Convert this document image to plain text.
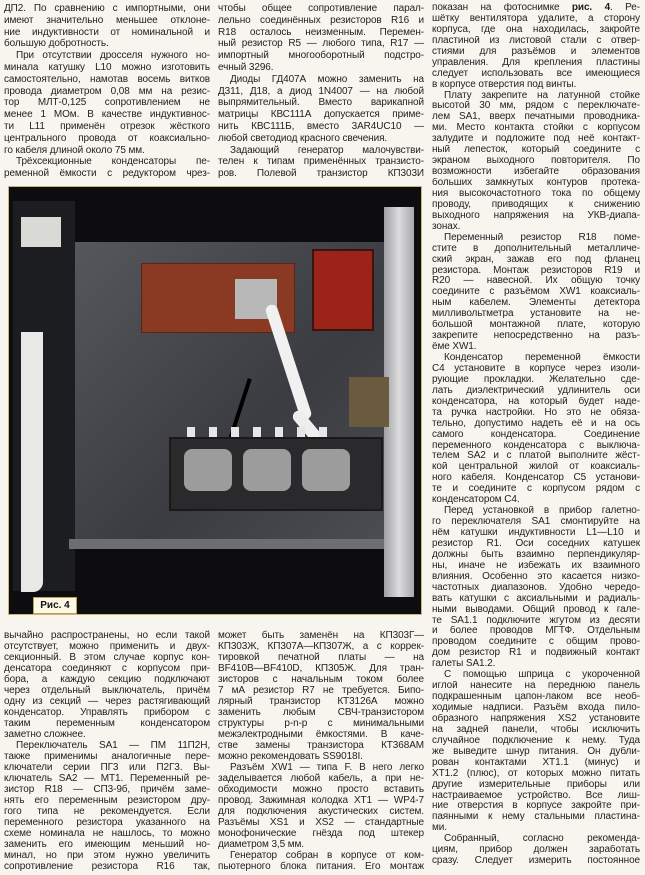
ДП2. По сравнению с импортными, они
имеют значительно меньшее отклоне-
ние индуктивности от номинальной и
большую добротность.
При отсутствии дросселя нужного но-
минала катушку L10 можно изготовить
самостоятельно, намотав восемь витков
провода диаметром 0,08 мм на резис-
тор МЛТ-0,125 сопротивлением не
менее 1 МОм. В качестве индуктивнос-
ти L11 применён отрезок жёсткого
центрального провода от коаксиально-
го кабеля длиной около 75 мм.
Трёхсекционные конденсаторы пе-
ременной ёмкости с редуктором чрез-
чтобы общее сопротивление парал-
лельно соединённых резисторов R16 и
R18 осталось неизменным. Перемен-
ный резистор R5 — любого типа, R17 —
импортный многооборотный подстро-
ечный 3296.
Диоды ГД407А можно заменить на
Д311, Д18, а диод 1N4007 — на любой
выпрямительный. Вместо варикапной
матрицы КВС111А допускается приме-
нить КВС111Б, вместо 3AR4UC10 —
любой светодиод красного свечения.
Задающий генератор малочувстви-
телен к типам применённых транзисто-
ров. Полевой транзистор КП303И
показан на фотоснимке рис. 4. Ре-
шётку вентилятора удалите, а сторону
корпуса, где она находилась, закройте
пластиной из листовой стали с отвер-
стиями для разъёмов и элементов
управления. Для крепления пластины
следует использовать все имеющиеся
в корпусе отверстия под винты.
Плату закрепите на латунной стойке
высотой 30 мм, рядом с переключате-
лем SA1, вверх печатными проводника-
ми. Место контакта стойки с корпусом
залудите и подложите под неё контакт-
ный лепесток, который соедините с
экраном выходного повторителя. По
возможности избегайте образования
больших замкнутых контуров протека-
ния высокочастотного тока по общему
проводу, приводящих к снижению
выходного напряжения на УКВ-диапа-
зонах.
Переменный резистор R18 поме-
стите в дополнительный металличе-
ский экран, зажав его под фланец
резистора. Монтаж резисторов R19 и
R20 — навесной. Их общую точку
соедините с разъёмом XW1 коаксиаль-
ным кабелем. Элементы детектора
милливольтметра установите на не-
большой монтажной плате, которую
закрепите непосредственно на разъ-
ёме XW1.
Конденсатор переменной ёмкости
C4 установите в корпусе через изоли-
рующие прокладки. Желательно сде-
лать диэлектрический удлинитель оси
конденсатора, на который будет наде-
та ручка настройки. Но это не обяза-
тельно, допустимо надеть её и на ось
самого конденсатора. Соединение
переменного конденсатора с выключа-
телем SA2 и с платой выполните жёст-
кой центральной жилой от коаксиаль-
ного кабеля. Конденсатор C5 установи-
те и соедините с корпусом рядом с
конденсатором C4.
Перед установкой в прибор галетно-
го переключателя SA1 смонтируйте на
нём катушки индуктивности L1—L10 и
резистор R1. Оси соседних катушек
должны быть взаимно перпендикуляр-
ны, иначе не избежать их взаимного
влияния. Особенно это касается низко-
частотных диапазонов. Удобно чередо-
вать катушки с аксиальными и радиаль-
ными выводами. Общий провод к гале-
те SA1.1 подключите жгутом из десяти
и более проводов МГТФ. Отдельным
проводом соедините с общим прово-
дом резистор R1 и подвижный контакт
галеты SA1.2.
С помощью шприца с укороченной
иглой нанесите на переднюю панель
подкрашенным цапон-лаком все необ-
ходимые надписи. Разъём входа пило-
образного напряжения XS2 установите
на задней панели, чтобы исключить
случайное подключение к нему. Туда
же выведите шнур питания. Он дубли-
рован контактами XT1.1 (минус) и
XT1.2 (плюс), от которых можно питать
другие измерительные приборы или
настраиваемое устройство. Все лиш-
ние отверстия в корпусе закройте при-
паянными к нему стальными пластина-
ми.
Собранный, согласно рекоменда-
циям, прибор должен заработать
сразу. Следует измерить постоянное
вычайно распространены, но если такой
отсутствует, можно применить и двух-
секционный. В этом случае корпус кон-
денсатора соединяют с корпусом при-
бора, а каждую секцию подключают
через отдельный выключатель, причём
одну из секций — через растягивающий
конденсатор. Управлять прибором с
таким переменным конденсатором
заметно сложнее.
Переключатель SA1 — ПМ 11П2Н,
также применимы аналогичные пере-
ключатели серии ПГ3 или П2Г3. Вы-
ключатель SA2 — МТ1. Переменный ре-
зистор R18 — СП3-9б, причём заме-
нять его переменным резистором дру-
гого типа не рекомендуется. Если
переменного резистора указанного на
схеме номинала не нашлось, то можно
заменить его имеющим меньший но-
минал, но при этом нужно увеличить
сопротивление резистора R16 так,
может быть заменён на КП303Г—
КП303Ж, КП307А—КП307Ж, а с коррек-
тировкой печатной платы — на
BF410B—BF410D, КП305Ж. Для тран-
зисторов с начальным током более
7 мА резистор R7 не требуется. Бипо-
лярный транзистор КТ3126А можно
заменить любым СВЧ-транзистором
структуры p-n-p с минимальными
межэлектродными ёмкостями. В каче-
стве замены транзистора КТ368АМ
можно рекомендовать SS9018I.
Разъём XW1 — типа F. В него легко
заделывается любой кабель, а при не-
обходимости можно просто вставить
провод. Зажимная колодка XT1 — WP4-7
для подключения акустических систем.
Разъёмы XS1 и XS2 — стандартные
монофонические гнёзда под штекер
диаметром 3,5 мм.
Генератор собран в корпусе от ком-
пьютерного блока питания. Его монтаж
Рис. 4
